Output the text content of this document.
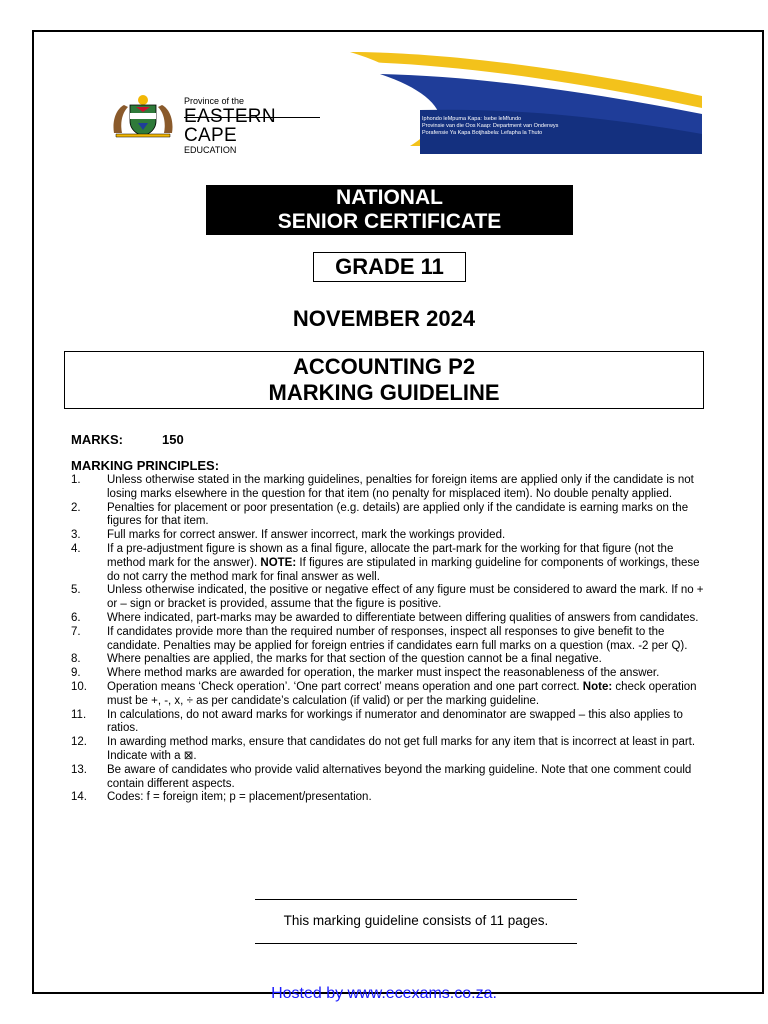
Province of the
EASTERN CAPE
EDUCATION
Iphondo leMpuma Kapa: Isebe leMfundo
Provinsie van die Oos Kaap: Department van Onderwys
Porafensie Ya Kapa Botjhabela: Lefapha la Thuto
NATIONAL
SENIOR CERTIFICATE
GRADE 11
NOVEMBER 2024
ACCOUNTING P2
MARKING GUIDELINE
MARKS:	150
MARKING PRINCIPLES:
1. Unless otherwise stated in the marking guidelines, penalties for foreign items are applied only if the candidate is not losing marks elsewhere in the question for that item (no penalty for misplaced item). No double penalty applied.
2. Penalties for placement or poor presentation (e.g. details) are applied only if the candidate is earning marks on the figures for that item.
3. Full marks for correct answer. If answer incorrect, mark the workings provided.
4. If a pre-adjustment figure is shown as a final figure, allocate the part-mark for the working for that figure (not the method mark for the answer). NOTE: If figures are stipulated in marking guideline for components of workings, these do not carry the method mark for final answer as well.
5. Unless otherwise indicated, the positive or negative effect of any figure must be considered to award the mark. If no + or – sign or bracket is provided, assume that the figure is positive.
6. Where indicated, part-marks may be awarded to differentiate between differing qualities of answers from candidates.
7. If candidates provide more than the required number of responses, inspect all responses to give benefit to the candidate. Penalties may be applied for foreign entries if candidates earn full marks on a question (max. -2 per Q).
8. Where penalties are applied, the marks for that section of the question cannot be a final negative.
9. Where method marks are awarded for operation, the marker must inspect the reasonableness of the answer.
10. Operation means ‘Check operation’. ‘One part correct’ means operation and one part correct. Note: check operation must be +, -, x, ÷ as per candidate’s calculation (if valid) or per the marking guideline.
11. In calculations, do not award marks for workings if numerator and denominator are swapped – this also applies to ratios.
12. In awarding method marks, ensure that candidates do not get full marks for any item that is incorrect at least in part. Indicate with a ⊠.
13. Be aware of candidates who provide valid alternatives beyond the marking guideline. Note that one comment could contain different aspects.
14. Codes: f = foreign item; p = placement/presentation.
This marking guideline consists of 11 pages.
Hosted by www.ecexams.co.za.
